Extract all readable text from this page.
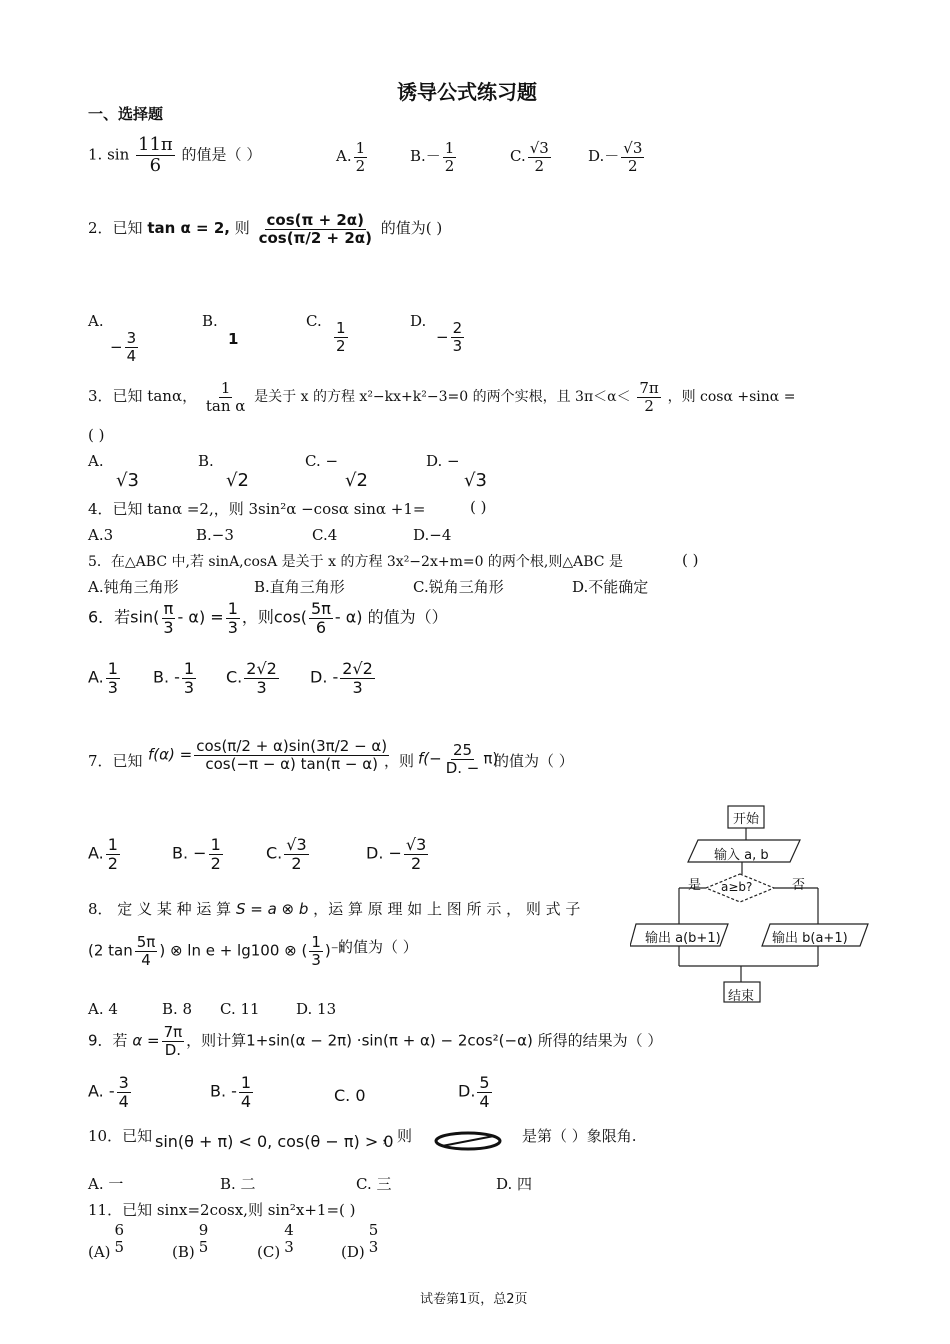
诱导公式练习题
一、选择题
1. $\sin \frac{11\pi}{6}$ 的值是（ ）	A. $\frac{1}{2}$	$B.- \frac{1}{2}$	C. $\frac{√3}{2} D.- \frac{√3}{2}$
2．已知 tan α = 2, 则 $\frac{\cos(\pi + 2\alpha)}{\cos(\pi/2 + 2\alpha)}$ 的值为( )
A.
− $\frac{3}{4}$
B.
1
C. $\frac{1}{2}$	D.
− $\frac{2}{3}$
3．已知 tanα， $\frac{1}{\text{tan α}}$ 是关于 x 的方程 x²−kx+k²−3=0 的两个实根，且 $3\pi<\alpha< \frac{7\pi}{2}$ ，则 cosα +sinα =
( )
A.
√3
B.
√2
C. −
√2
D. −
√3
4．已知 tanα =2,，则 3sin²α −cosα sinα +1=	( )
A.3	B.−3	C.4	D.−4
5．在△ABC 中,若 sinA,cosA 是关于 x 的方程 3x²−2x+m=0 的两个根,则△ABC 是	( )
A.钝角三角形	B.直角三角形	C.锐角三角形	D.不能确定
6．若$\sin( \frac{\pi}{3} - \alpha) = \frac{1}{3}$ ，则$\cos( \frac{5\pi}{6} - \alpha)$ 的值为（）
A. $\frac{1}{3} B$. - $\frac{1}{3} C$. $\frac{2√2}{3} D$. - $\frac{2√2}{3}$
7．已知 $f(\alpha) = \frac{\cos(\pi/2 + \alpha)\sin(3\pi/2 - \alpha)}{\cos(-\pi - \alpha) \tan(\pi - \alpha)}$
，则 $f(- \frac{25}{D. -} \pi)$
的值为（ ）
A. $\frac{1}{2}$	B. − $\frac{1}{2}$	C. $\frac{√3}{2}$	D. − $\frac{√3}{2}$
8． 定 义 某 种 运 算 S = a ⊗ b ，运 算 原 理 如 上 图 所 示 ， 则 式 子
(2 $\tan \frac{5\pi}{4}$ ) ⊗ ln e + lg100 ⊗ ( $\frac{1}{3} )^{-1}$
的值为（ ）
A. 4	B. 8 C. 11 D. 13
开始
输入 a, b
a≥b?
是	否
输出 a(b+1)	输出 b(a+1)
结束
9．若 $\alpha = \frac{7\pi}{D.}$ ，则计算1+sin(α − 2π) ·sin(π + α) − 2cos²(−α) 所得的结果为（ ）
A. - $\frac{3}{4}$	B. - $\frac{1}{4}$	C. 0	D. $\frac{5}{4}$
10．已知 sin(θ + π) < 0, cos(θ − π) > 0
，则	是第（ ）象限角.
A. 一	B. 二	C. 三	D. 四
11．已知 sinx=2cosx,则 sin²x+1=( )
(A)
6
5	(B)
9
5	(C)
4
3	(D)
5
3
试卷第1页，总2页
